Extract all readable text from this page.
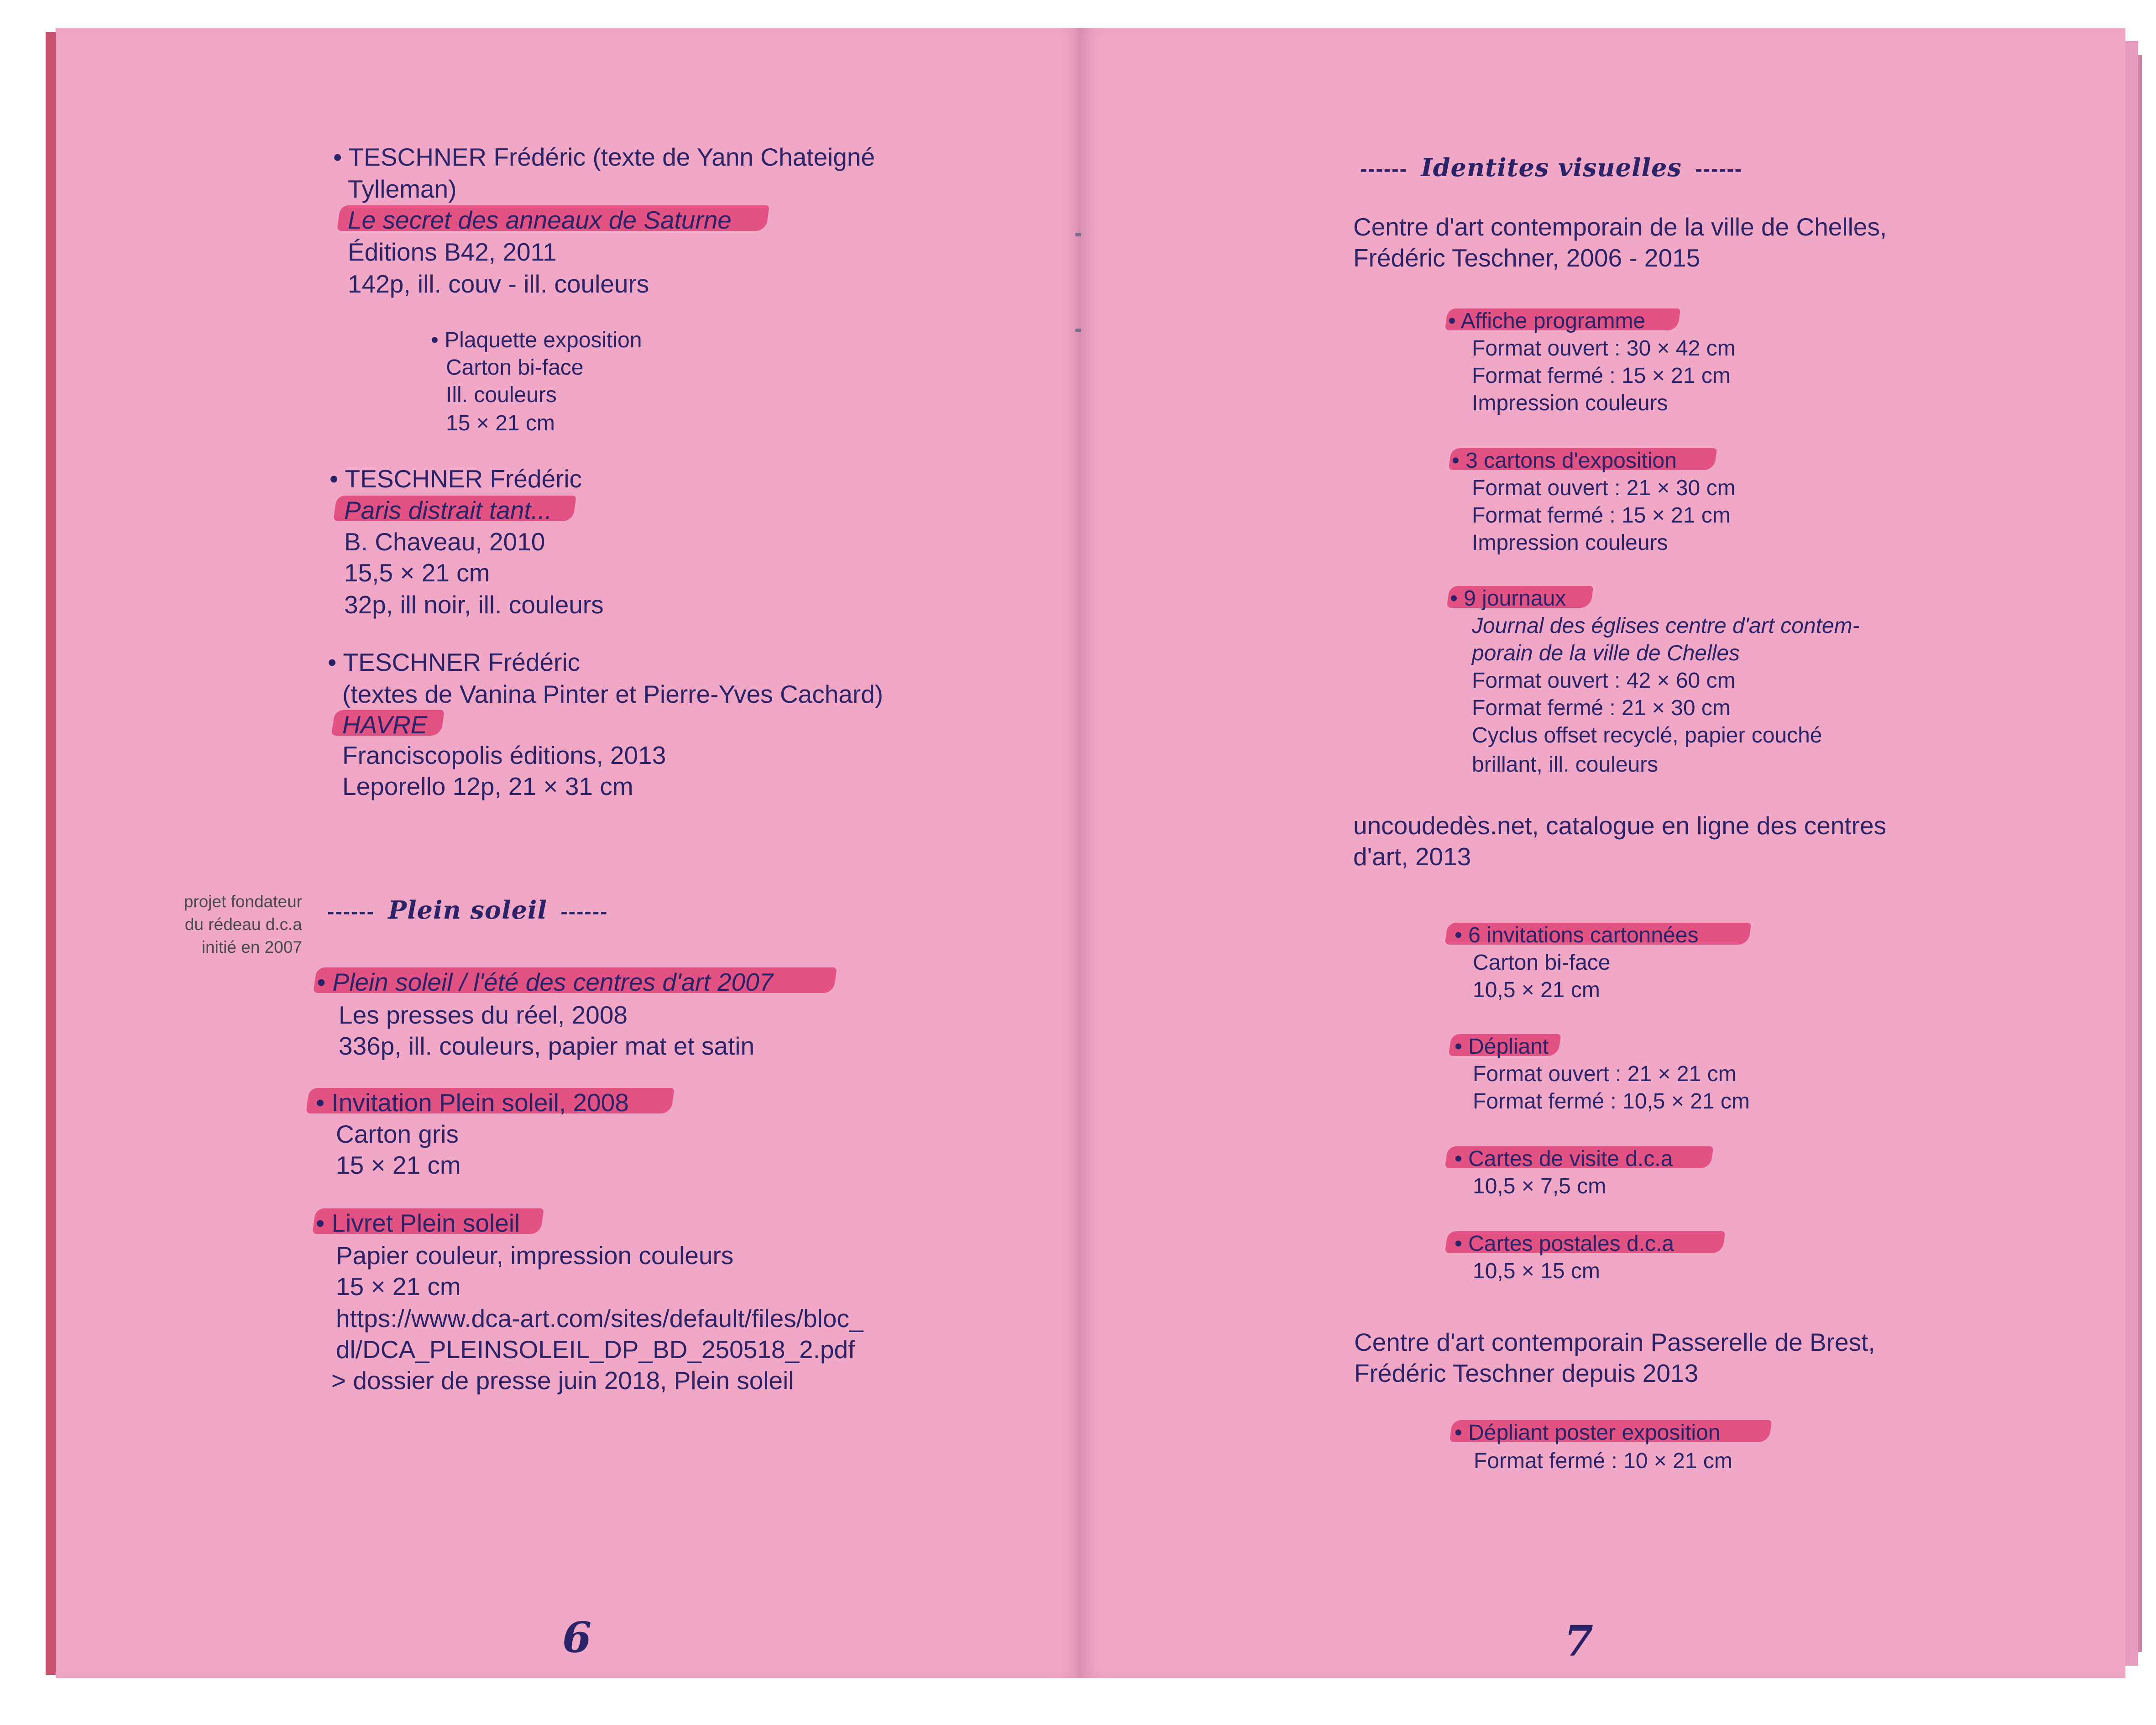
• TESCHNER Frédéric (texte de Yann Chateigné
Tylleman)
Le secret des anneaux de Saturne
Éditions B42, 2011
142p, ill. couv - ill. couleurs
• Plaquette exposition
Carton bi-face
Ill. couleurs
15 × 21 cm
• TESCHNER Frédéric
Paris distrait tant...
B. Chaveau, 2010
15,5 × 21 cm
32p, ill noir, ill. couleurs
• TESCHNER Frédéric
(textes de Vanina Pinter et Pierre-Yves Cachard)
HAVRE
Franciscopolis éditions, 2013
Leporello 12p, 21 × 31 cm
projet fondateur
du rédeau d.c.a
initié en 2007
------ Plein soleil ------
• Plein soleil / l'été des centres d'art 2007
Les presses du réel, 2008
336p, ill. couleurs, papier mat et satin
• Invitation Plein soleil, 2008
Carton gris
15 × 21 cm
• Livret Plein soleil
Papier couleur, impression couleurs
15 × 21 cm
https://www.dca-art.com/sites/default/files/bloc_
dl/DCA_PLEINSOLEIL_DP_BD_250518_2.pdf
> dossier de presse juin 2018, Plein soleil
6
------ Identites visuelles ------
Centre d'art contemporain de la ville de Chelles,
Frédéric Teschner, 2006 - 2015
• Affiche programme
Format ouvert : 30 × 42 cm
Format fermé : 15 × 21 cm
Impression couleurs
• 3 cartons d'exposition
Format ouvert : 21 × 30 cm
Format fermé : 15 × 21 cm
Impression couleurs
• 9 journaux
Journal des églises centre d'art contem-
porain de la ville de Chelles
Format ouvert : 42 × 60 cm
Format fermé : 21 × 30 cm
Cyclus offset recyclé, papier couché
brillant, ill. couleurs
uncoudedès.net, catalogue en ligne des centres
d'art, 2013
• 6 invitations cartonnées
Carton bi-face
10,5 × 21 cm
• Dépliant
Format ouvert : 21 × 21 cm
Format fermé : 10,5 × 21 cm
• Cartes de visite d.c.a
10,5 × 7,5 cm
• Cartes postales d.c.a
10,5 × 15 cm
Centre d'art contemporain Passerelle de Brest,
Frédéric Teschner depuis 2013
• Dépliant poster exposition
Format fermé : 10 × 21 cm
7
